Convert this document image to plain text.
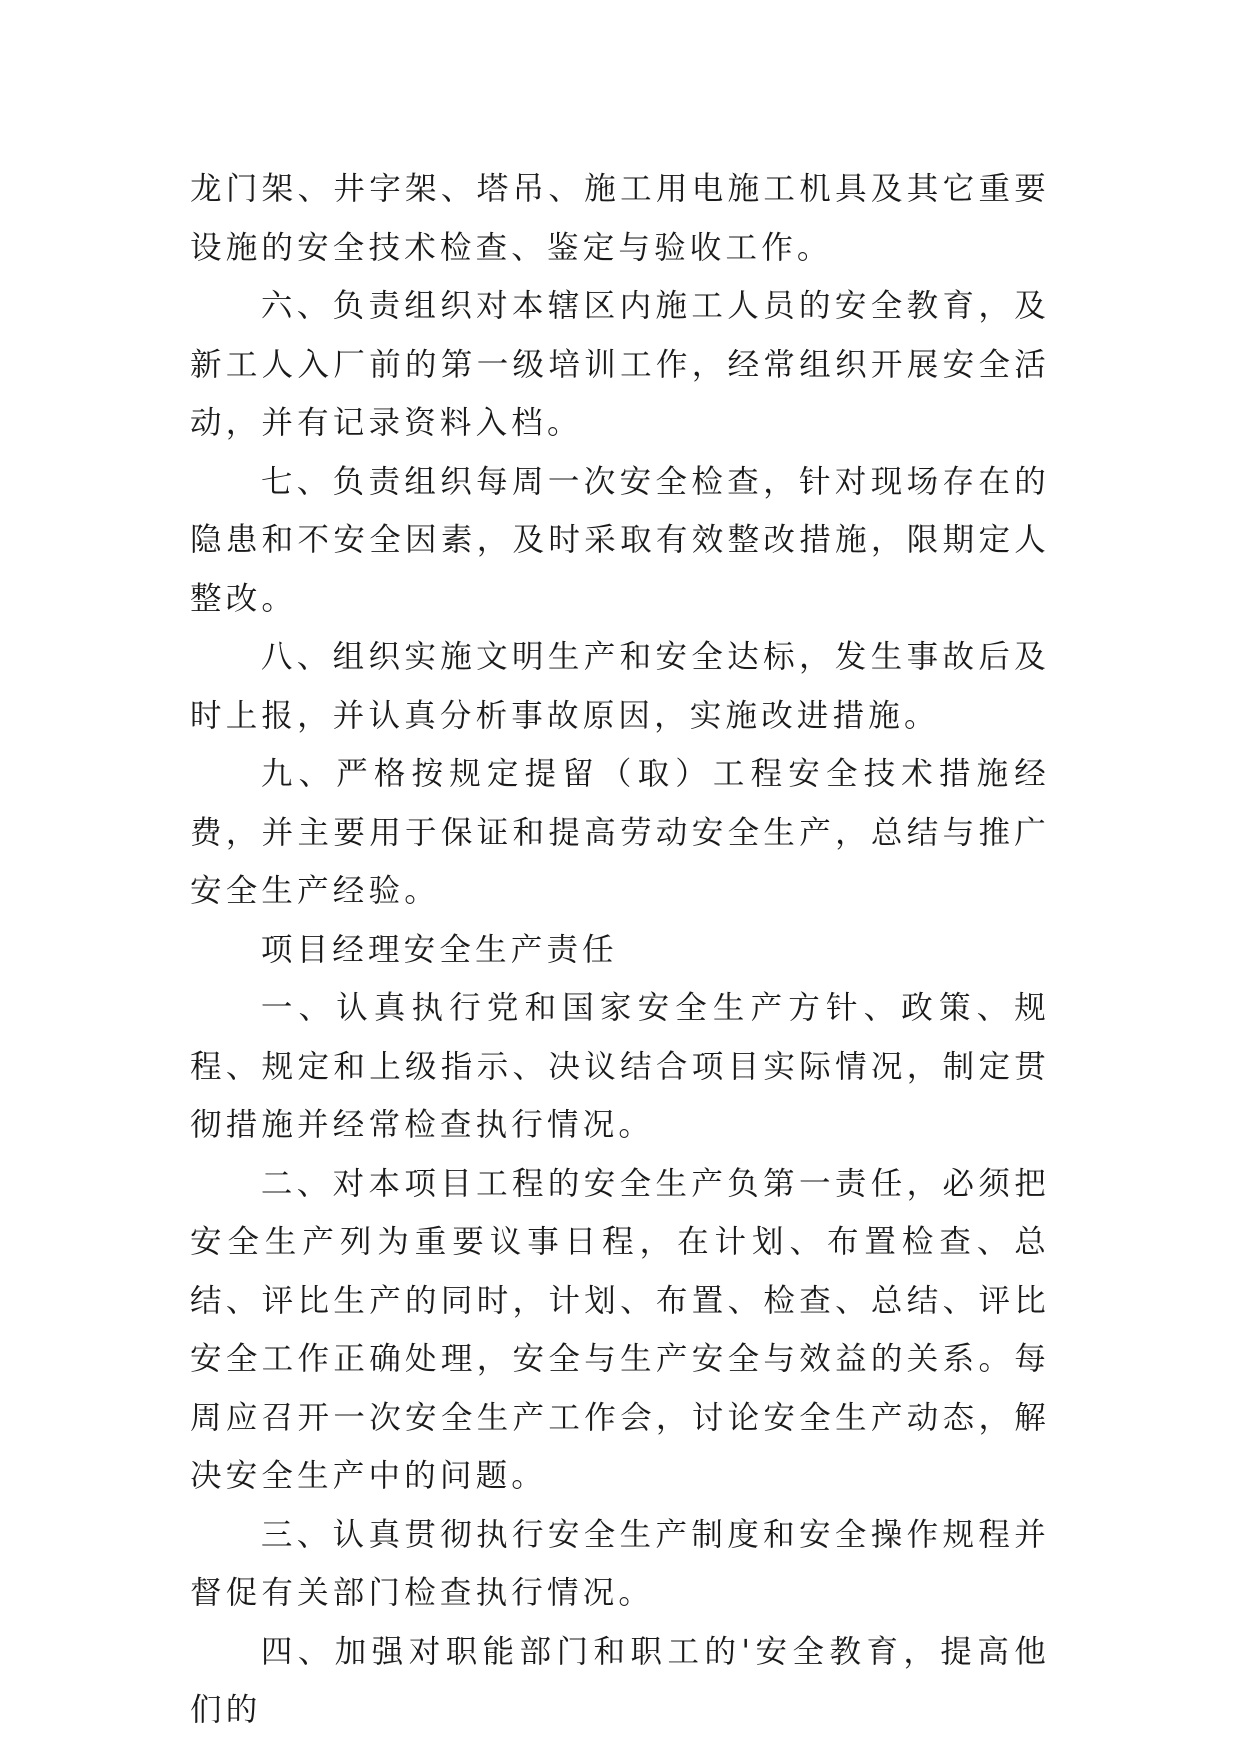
龙门架、井字架、塔吊、施工用电施工机具及其它重要设施的安全技术检查、鉴定与验收工作。

六、负责组织对本辖区内施工人员的安全教育，及新工人入厂前的第一级培训工作，经常组织开展安全活动，并有记录资料入档。

七、负责组织每周一次安全检查，针对现场存在的隐患和不安全因素，及时采取有效整改措施，限期定人整改。

八、组织实施文明生产和安全达标，发生事故后及时上报，并认真分析事故原因，实施改进措施。

九、严格按规定提留（取）工程安全技术措施经费，并主要用于保证和提高劳动安全生产，总结与推广安全生产经验。

项目经理安全生产责任

一、认真执行党和国家安全生产方针、政策、规程、规定和上级指示、决议结合项目实际情况，制定贯彻措施并经常检查执行情况。

二、对本项目工程的安全生产负第一责任，必须把安全生产列为重要议事日程，在计划、布置检查、总结、评比生产的同时，计划、布置、检查、总结、评比安全工作正确处理，安全与生产安全与效益的关系。每周应召开一次安全生产工作会，讨论安全生产动态，解决安全生产中的问题。

三、认真贯彻执行安全生产制度和安全操作规程并督促有关部门检查执行情况。

四、加强对职能部门和职工的'安全教育，提高他们的
